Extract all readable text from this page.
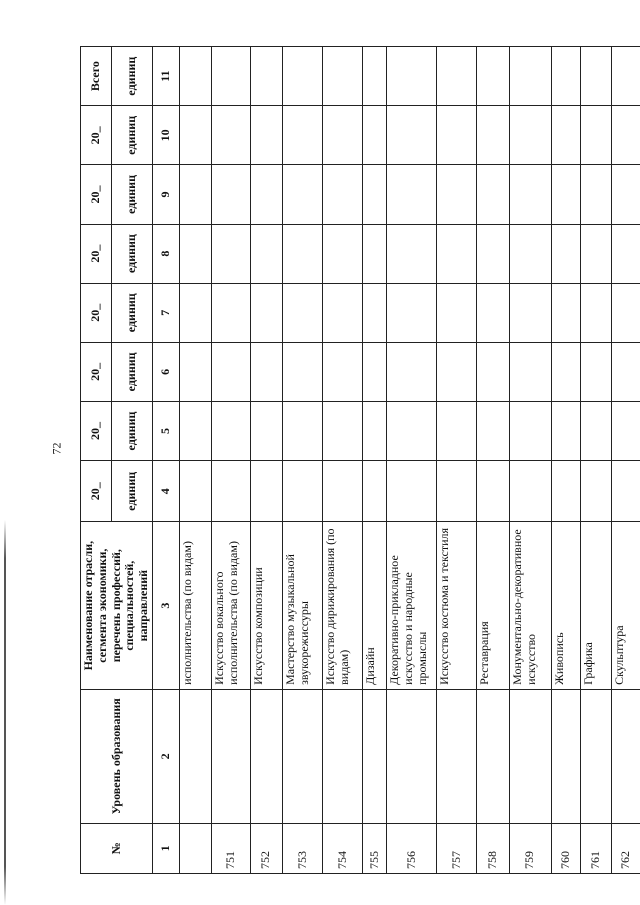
72
№	Уровень образования	Наименование отрасли, сегмента экономики, перечень профессий, специальностей, направлений	20_	20_	20_	20_	20_	20_	20_	Всего
			единиц	единиц	единиц	единиц	единиц	единиц	единиц	единиц
1	2	3	4	5	6	7	8	9	10	11
		исполнительства (по видам)								
751		Искусство вокального исполнительства (по видам)								
752		Искусство композиции								
753		Мастерство музыкальной звукорежиссуры								
754		Искусство дирижирования (по видам)								
755		Дизайн								
756		Декоративно-прикладное искусство и народные промыслы								
757		Искусство костюма и текстиля								
758		Реставрация								
759		Монументально-декоративное искусство								
760		Живопись								
761		Графика								
762		Скульптура								
